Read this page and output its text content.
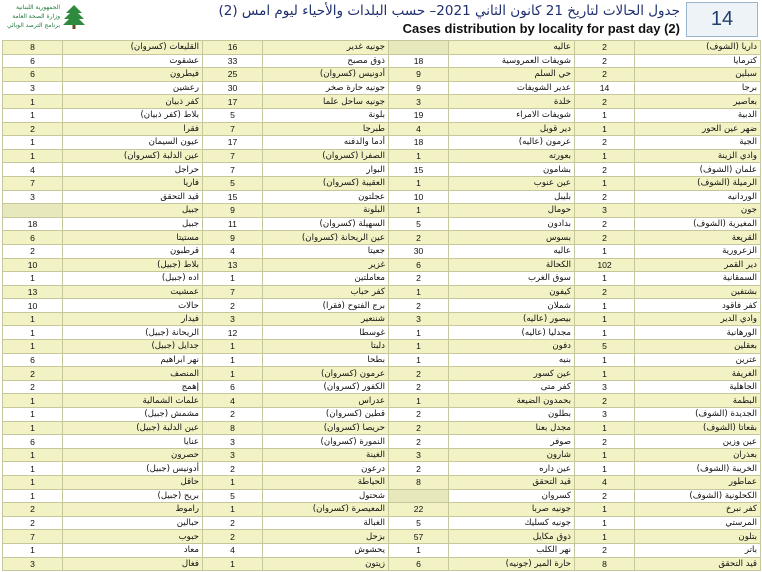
الجمهورية اللبنانية
وزارة الصحة العامة
برنامج الترصد الوبائي
جدول الحالات لتاريخ 21 كانون الثاني 2021– حسب البلدات والأحياء ليوم امس (2)
Cases distribution by locality for past day (2)	14
داريا (الشوف)	2	عاليه		جونيه غدير	16	القليعات (كسروان)	8
كترمايا	2	شويفات العمروسية	18	ذوق مصبح	33	عشقوت	6
سبلين	2	حي السلم	9	أدونيس (كسروان)	25	فيطرون	6
برجا	14	عدير الشويفات	9	جونيه حارة صخر	30	رعشين	3
بعاصير	2	خلدة	3	جونيه ساحل علما	17	كفر ذبيان	1
الدبية	1	شويفات الامراء	19	بلونة	5	بلاط (كفر ذبيان)	1
ضهر عين الحور	1	دير قوبل	4	طبرجا	7	فقرا	2
الجية	2	عرمون (عاليه)	18	أدما والدفنه	17	عيون السيمان	1
وادي الزينة	1	بعورته	1	الصفرا (كسروان)	7	عين الدلبة (كسروان)	1
علمان (الشوف)	2	بشامون	15	البوار	7	حراجل	4
الرميلة (الشوف)	1	عين عنوب	1	العقيبة (كسروان)	5	فاريا	7
الوردانيه	2	بليبل	10	عجلتون	15	قيد التحقق	3
جون	3	حومال	1	البلونة	9	جبيل	
المغيرية (الشوف)	2	بدادون	5	السهيلة (كسروان)	11	جبيل	18
القريعة	2	بسوس	2	عين الريحانة (كسروان)	9	مستيتا	6
الزعرورية	1	عاليه	30	جعيتا	4	قرطبون	2
دير القمر	102	الكحالة	6	غزير	13	بلاط (جبيل)	10
السمقانية	1	سوق الغرب	2	معاملتين	1	اده (جبيل)	1
بشتفين	2	كيفون	1	كفر حباب	7	عمشيت	13
كفر فاقود	1	شملان	2	برج الفتوح (فقرا)	2	حالات	10
وادي الدير	1	بيصور (عاليه)	3	شننعير	3	فيدار	1
الورهانية	1	مجدليا (عاليه)	1	غوسطا	12	الريحانة (جبيل)	1
بعقلين	5	دفون	1	دلبتا	1	جدايل (جبيل)	1
عترين	1	بنيه	1	بطحا	1	نهر ابراهيم	6
الغريفة	1	عين كسور	2	عرمون (كسروان)	1	المنصف	2
الجاهلية	3	كفر متى	2	الكفور (كسروان)	6	إهمج	2
البطمة	2	بحمدون الضيعة	1	عدراس	4	علمات الشمالية	1
الجديدة (الشوف)	3	بطلون	2	قطين (كسروان)	2	مشمش (جبيل)	1
بقعاتا (الشوف)	1	مجدل بعنا	2	حريصا (كسروان)	8	عين الدلبة (جبيل)	1
عين وزين	2	صوفر	2	النمورة (كسروان)	3	عنايا	6
بعذران	1	شارون	3	الغينة	3	حصرون	1
الخريبة (الشوف)	1	عين داره	2	درعون	2	أدونيس (جبيل)	1
عماطور	4	قيد التحقق	8	الحياطة	1	حاقل	1
الكحلونية (الشوف)	2	كسروان		شحتول	5	بريح (جبيل)	1
كفر نبرخ	1	جونيه صربا	22	المعيصرة (كسروان)	1	راموط	2
المرستي	1	جونيه كسليك	5	الغبالة	2	حبالين	2
بتلون	1	ذوق مكايل	57	بزحل	2	حبوب	7
باتر	2	نهر الكلب	1	يحشوش	4	معاد	1
قيد التحقق	8	حارة المير (جونيه)	6	زيتون	1	فغال	3
